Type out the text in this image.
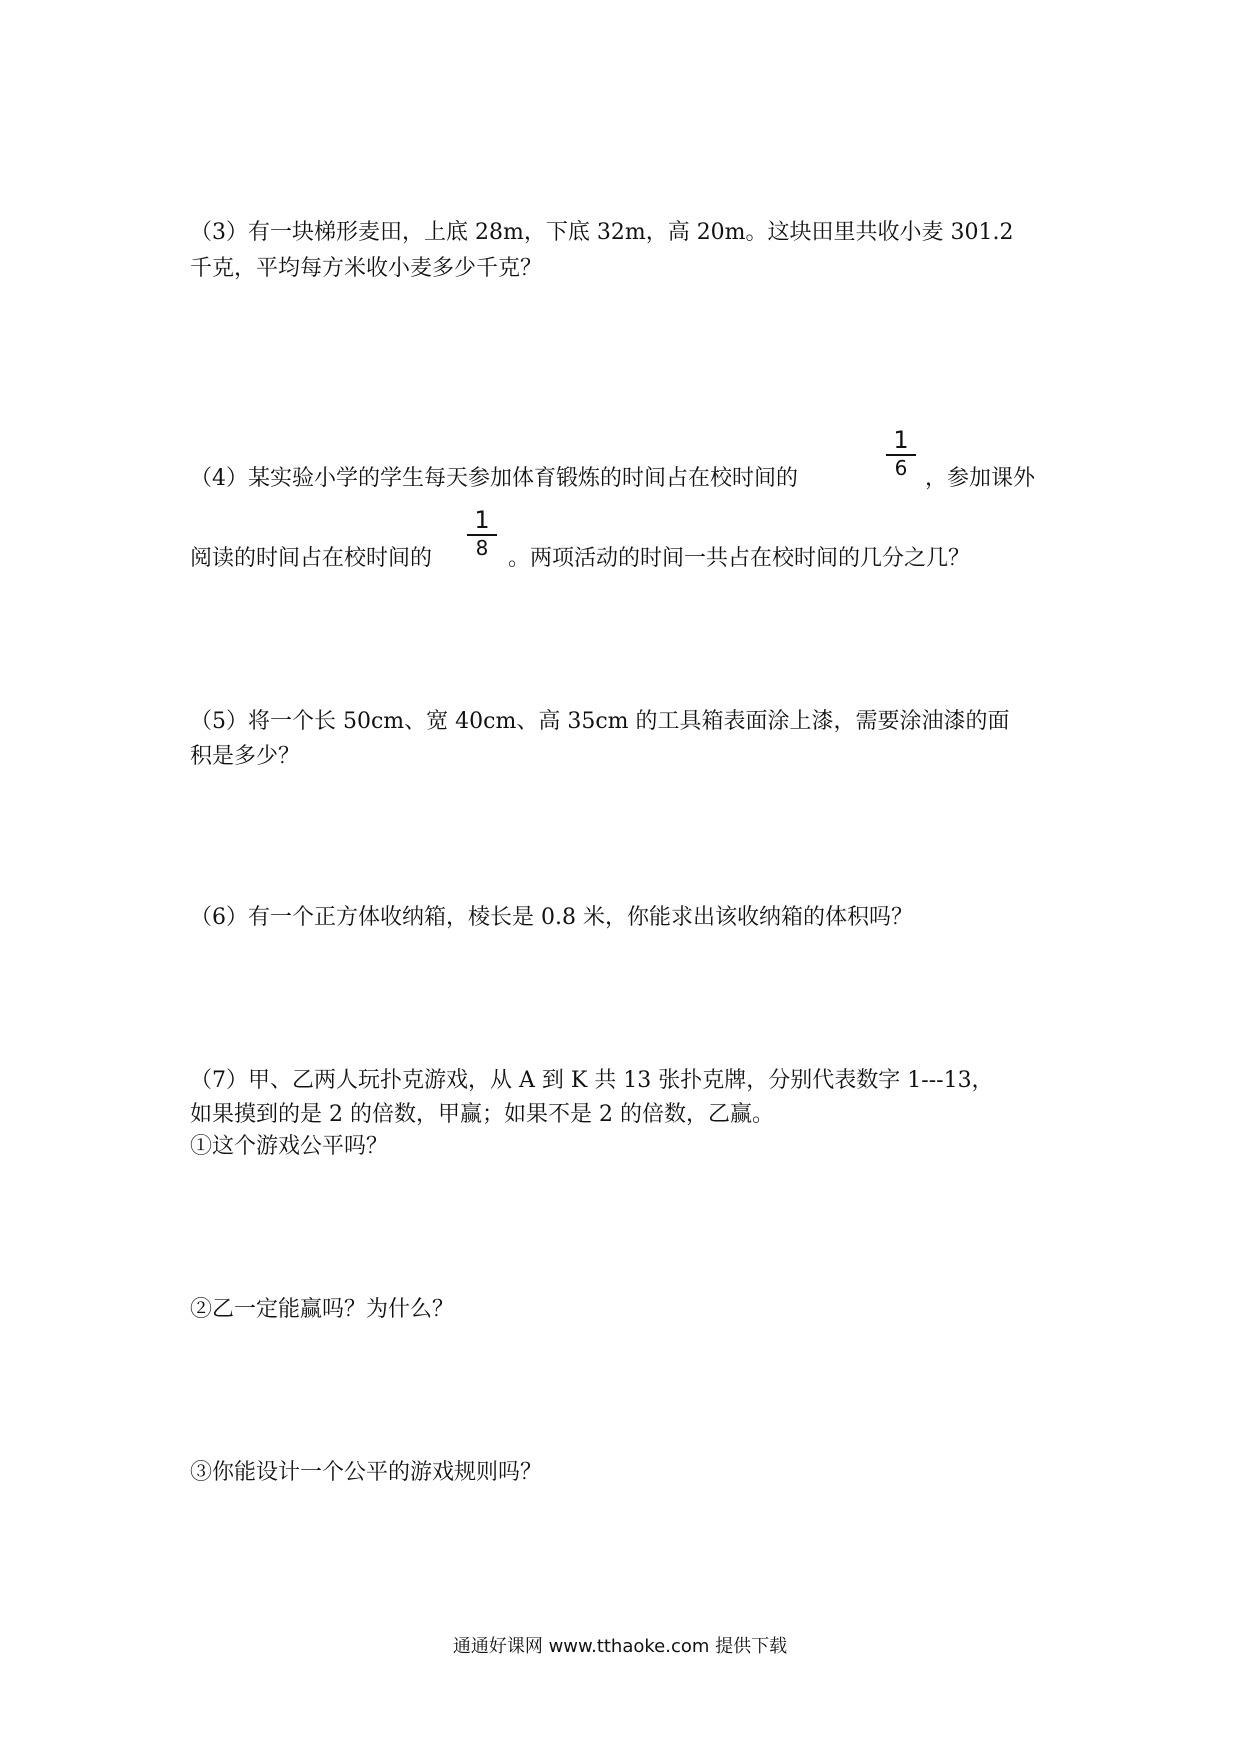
（3）有一块梯形麦田，上底 28m，下底 32m，高 20m。这块田里共收小麦 301.2
千克，平均每方米收小麦多少千克？
（4）某实验小学的学生每天参加体育锻炼的时间占在校时间的
1
6 ，参加课外
阅读的时间占在校时间的
1
8 。两项活动的时间一共占在校时间的几分之几？
（5）将一个长 50cm、宽 40cm、高 35cm 的工具箱表面涂上漆，需要涂油漆的面
积是多少？
（6）有一个正方体收纳箱，棱长是 0.8 米，你能求出该收纳箱的体积吗？
（7）甲、乙两人玩扑克游戏，从 A 到 K 共 13 张扑克牌，分别代表数字 1---13，
如果摸到的是 2 的倍数，甲赢；如果不是 2 的倍数，乙赢。
①这个游戏公平吗？
②乙一定能赢吗？为什么？
③你能设计一个公平的游戏规则吗？
通通好课网 www.tthaoke.com 提供下载
